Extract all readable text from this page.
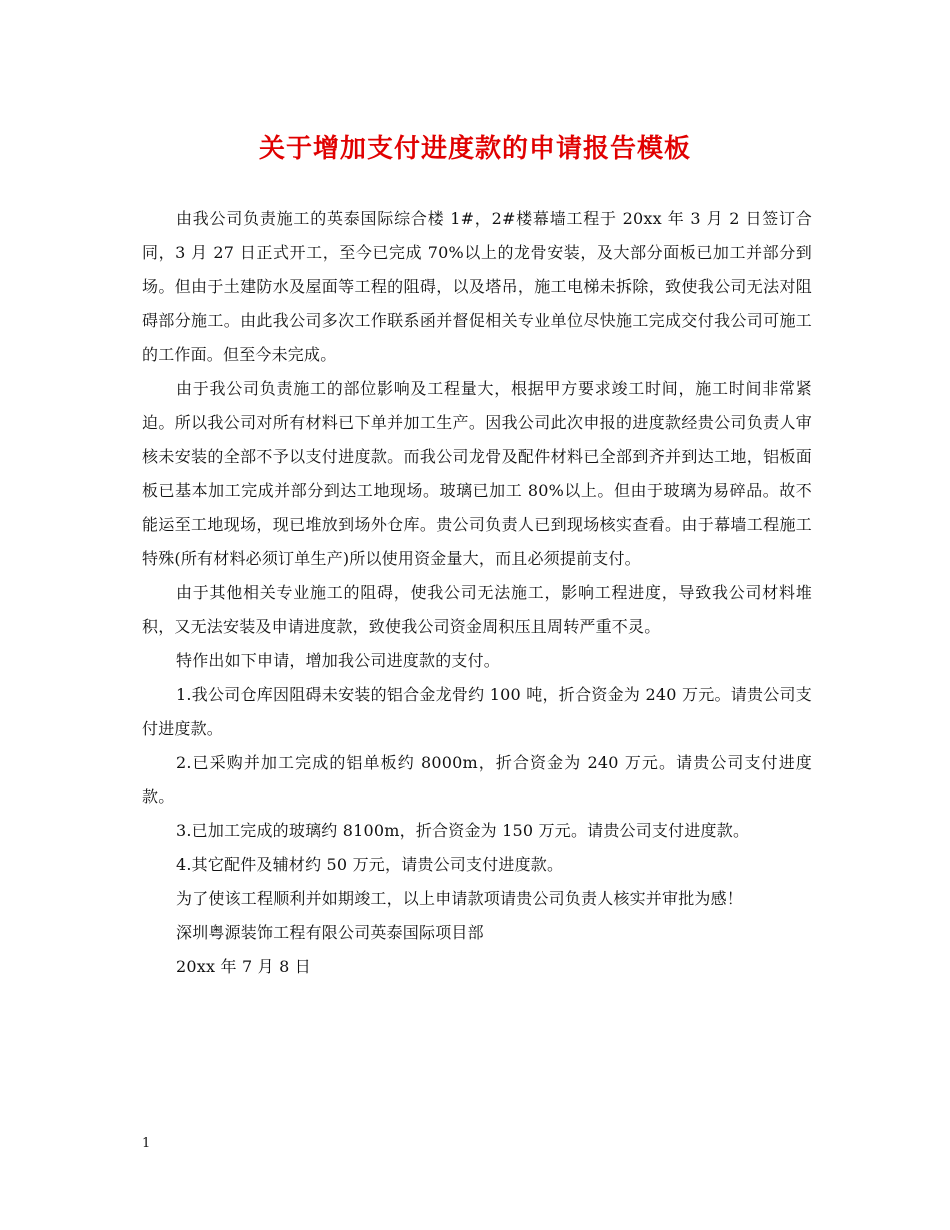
关于增加支付进度款的申请报告模板

由我公司负责施工的英泰国际综合楼 1#，2#楼幕墙工程于 20xx 年 3 月 2 日签订合同，3 月 27 日正式开工，至今已完成 70%以上的龙骨安装，及大部分面板已加工并部分到场。但由于土建防水及屋面等工程的阻碍，以及塔吊，施工电梯未拆除，致使我公司无法对阻碍部分施工。由此我公司多次工作联系函并督促相关专业单位尽快施工完成交付我公司可施工的工作面。但至今未完成。

由于我公司负责施工的部位影响及工程量大，根据甲方要求竣工时间，施工时间非常紧迫。所以我公司对所有材料已下单并加工生产。因我公司此次申报的进度款经贵公司负责人审核未安装的全部不予以支付进度款。而我公司龙骨及配件材料已全部到齐并到达工地，铝板面板已基本加工完成并部分到达工地现场。玻璃已加工 80%以上。但由于玻璃为易碎品。故不能运至工地现场，现已堆放到场外仓库。贵公司负责人已到现场核实查看。由于幕墙工程施工特殊(所有材料必须订单生产)所以使用资金量大，而且必须提前支付。

由于其他相关专业施工的阻碍，使我公司无法施工，影响工程进度，导致我公司材料堆积，又无法安装及申请进度款，致使我公司资金周积压且周转严重不灵。

特作出如下申请，增加我公司进度款的支付。

1.我公司仓库因阻碍未安装的铝合金龙骨约 100 吨，折合资金为 240 万元。请贵公司支付进度款。

2.已采购并加工完成的铝单板约 8000m，折合资金为 240 万元。请贵公司支付进度款。

3.已加工完成的玻璃约 8100m，折合资金为 150 万元。请贵公司支付进度款。

4.其它配件及辅材约 50 万元，请贵公司支付进度款。

为了使该工程顺利并如期竣工，以上申请款项请贵公司负责人核实并审批为感！

深圳粤源装饰工程有限公司英泰国际项目部

20xx 年 7 月 8 日

1
